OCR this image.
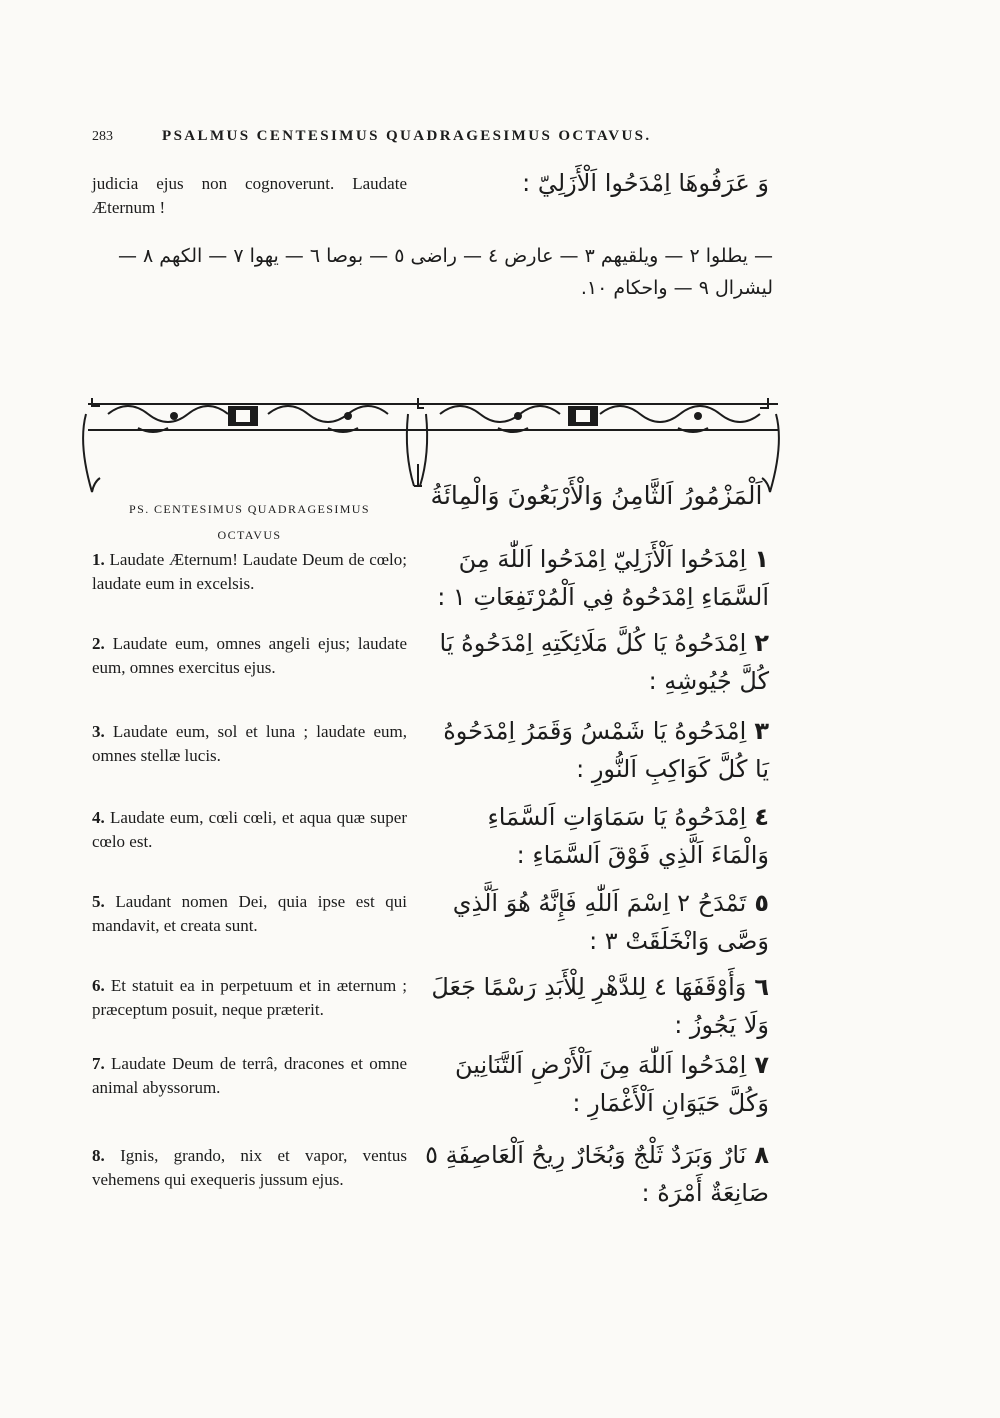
283	PSALMUS CENTESIMUS QUADRAGESIMUS OCTAVUS.
judicia ejus non cognoverunt. Laudate Æternum !
وَ عَرَفُوهَا اِمْدَحُوا اَلْأَزَلِيّ :
— يطلوا ٢ — ويلقيهم ٣ — عارض ٤ — راضى ٥ — بوصا ٦ — يهوا ٧ — الكهم ٨ — ليشرال ٩ — واحكام ١٠.
PS. CENTESIMUS QUADRAGESIMUS
OCTAVUS
اَلْمَزْمُورُ اَلثَّامِنُ وَالْأَرْبَعُونَ وَالْمِائَةُ
1. Laudate Æternum! Laudate Deum de cœlo; laudate eum in excelsis.
١اِمْدَحُوا اَلْأَزَلِيّ اِمْدَحُوا اَللّٰهَ مِنَ اَلسَّمَاءِ اِمْدَحُوهُ فِي اَلْمُرْتَفِعَاتِ ١ :
2. Laudate eum, omnes angeli ejus; laudate eum, omnes exercitus ejus.
٢اِمْدَحُوهُ يَا كُلَّ مَلَائِكَتِهِ اِمْدَحُوهُ يَا كُلَّ جُيُوشِهِ :
3. Laudate eum, sol et luna ; laudate eum, omnes stellæ lucis.
٣اِمْدَحُوهُ يَا شَمْسُ وَقَمَرُ اِمْدَحُوهُ يَا كُلَّ كَوَاكِبِ اَلنُّورِ :
4. Laudate eum, cœli cœli, et aqua quæ super cœlo est.
٤اِمْدَحُوهُ يَا سَمَاوَاتِ اَلسَّمَاءِ وَالْمَاءَ اَلَّذِي فَوْقَ اَلسَّمَاءِ :
5. Laudant nomen Dei, quia ipse est qui mandavit, et creata sunt.
٥تَمْدَحُ ٢ اِسْمَ اَللّٰهِ فَإِنَّهُ هُوَ اَلَّذِي وَصَّى وَانْخَلَقَتْ ٣ :
6. Et statuit ea in perpetuum et in æternum ; præceptum posuit, neque præterit.
٦وَأَوْقَفَهَا ٤ لِلدَّهْرِ لِلْأَبَدِ رَسْمًا جَعَلَ وَلَا يَجُوزُ :
7. Laudate Deum de terrâ, dracones et omne animal abyssorum.
٧اِمْدَحُوا اَللّٰهَ مِنَ اَلْأَرْضِ اَلتَّنَانِينَ وَكُلَّ حَيَوَانِ اَلْأَغْمَارِ :
8. Ignis, grando, nix et vapor, ventus vehemens qui exequeris jussum ejus.
٨نَارٌ وَبَرَدٌ ثَلْجٌ وَبُخَارٌ رِيحُ اَلْعَاصِفَةِ ٥ صَانِعَةٌ أَمْرَهُ :
